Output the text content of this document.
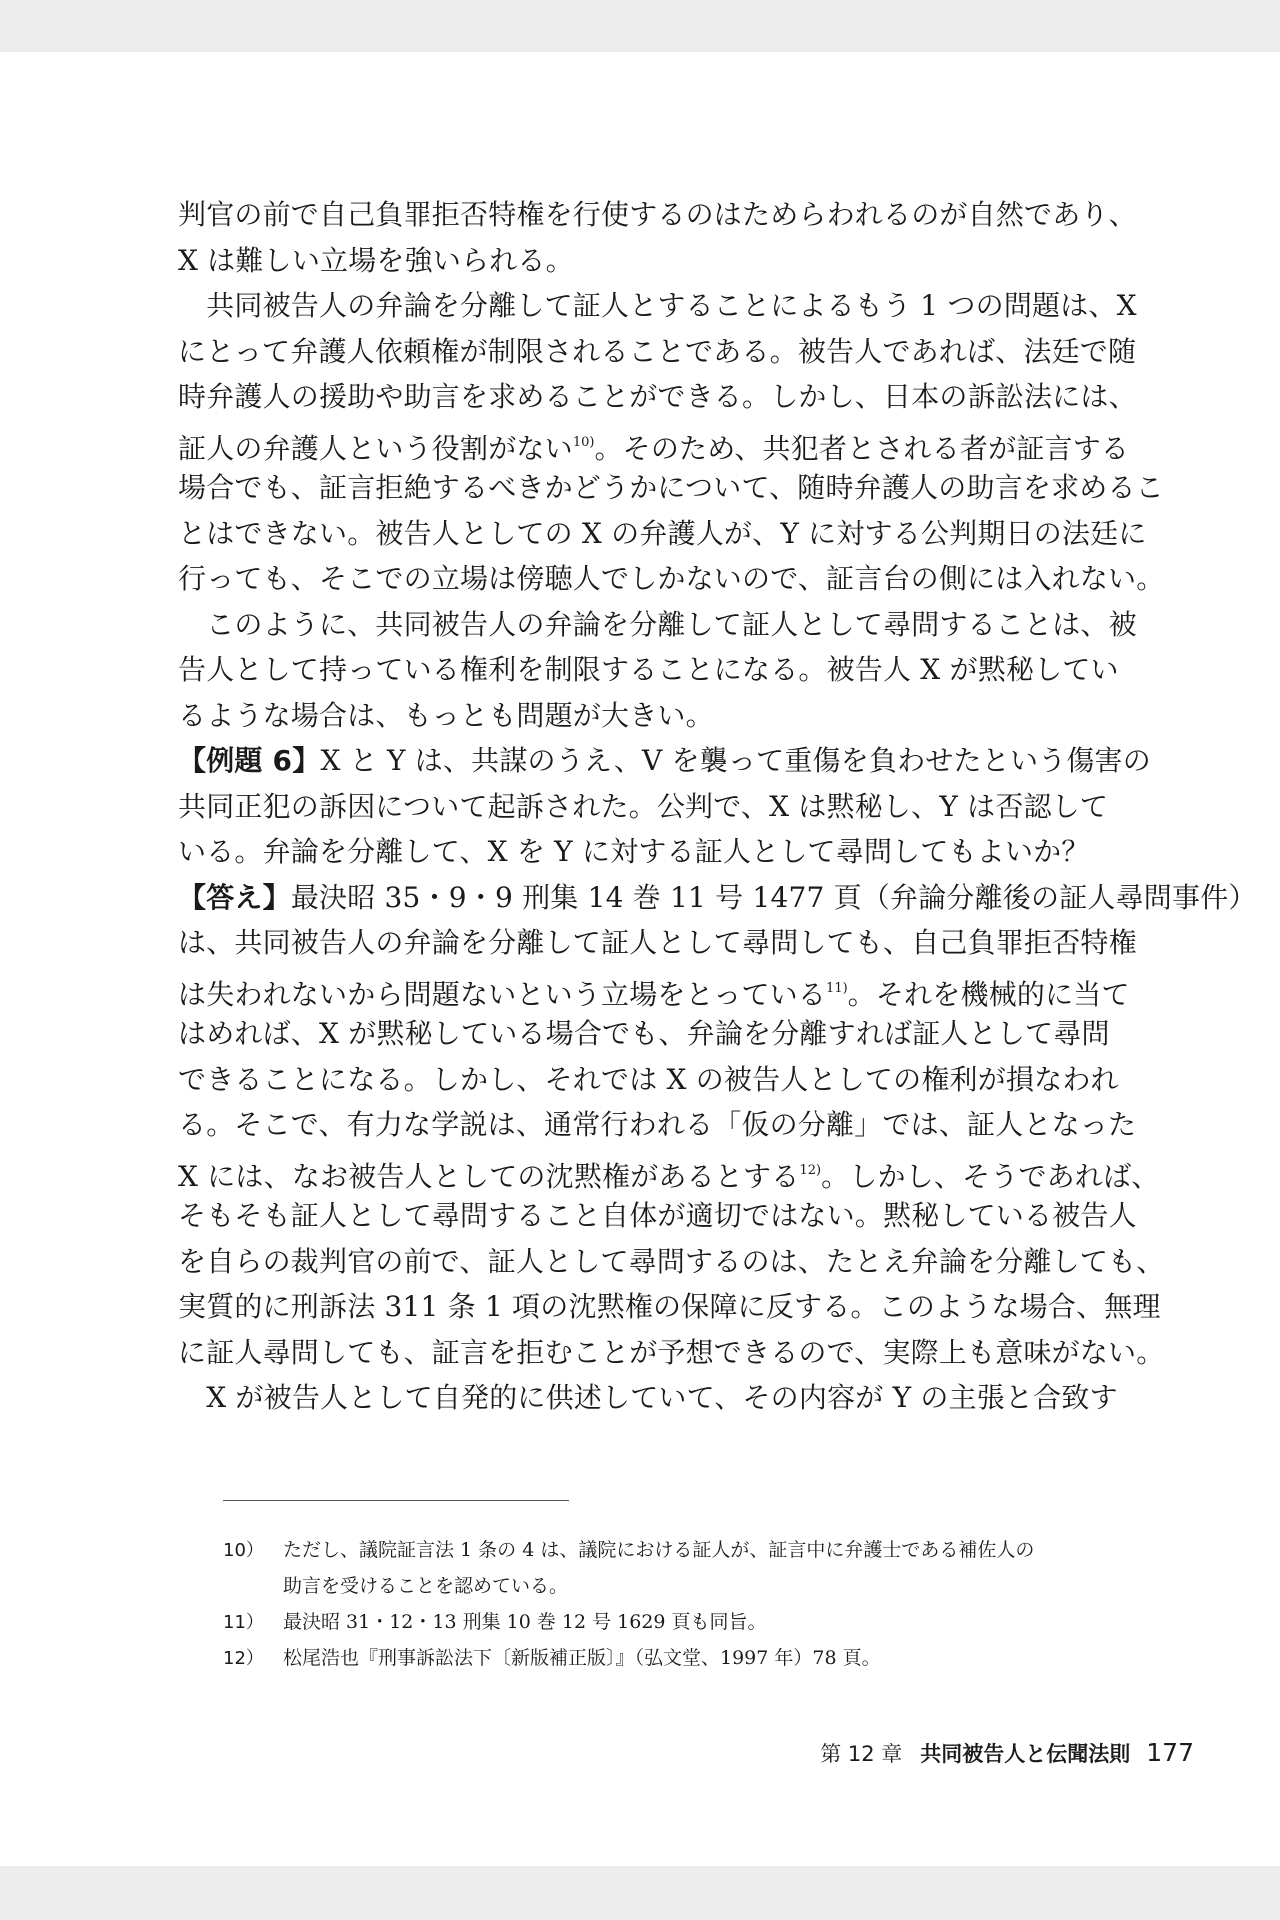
判官の前で自己負罪拒否特権を行使するのはためらわれるのが自然であり、
X は難しい立場を強いられる。
　共同被告人の弁論を分離して証人とすることによるもう 1 つの問題は、X
にとって弁護人依頼権が制限されることである。被告人であれば、法廷で随
時弁護人の援助や助言を求めることができる。しかし、日本の訴訟法には、
証人の弁護人という役割がない$^{10)}$。そのため、共犯者とされる者が証言する
場合でも、証言拒絶するべきかどうかについて、随時弁護人の助言を求めるこ
とはできない。被告人としての X の弁護人が、Y に対する公判期日の法廷に
行っても、そこでの立場は傍聴人でしかないので、証言台の側には入れない。
　このように、共同被告人の弁論を分離して証人として尋問することは、被
告人として持っている権利を制限することになる。被告人 X が黙秘してい
るような場合は、もっとも問題が大きい。
【例題 6】X と Y は、共謀のうえ、V を襲って重傷を負わせたという傷害の
共同正犯の訴因について起訴された。公判で、X は黙秘し、Y は否認して
いる。弁論を分離して、X を Y に対する証人として尋問してもよいか？
【答え】最決昭 35・9・9 刑集 14 巻 11 号 1477 頁（弁論分離後の証人尋問事件）
は、共同被告人の弁論を分離して証人として尋問しても、自己負罪拒否特権
は失われないから問題ないという立場をとっている$^{11)}$。それを機械的に当て
はめれば、X が黙秘している場合でも、弁論を分離すれば証人として尋問
できることになる。しかし、それでは X の被告人としての権利が損なわれ
る。そこで、有力な学説は、通常行われる「仮の分離」では、証人となった
X には、なお被告人としての沈黙権があるとする$^{12)}$。しかし、そうであれば、
そもそも証人として尋問すること自体が適切ではない。黙秘している被告人
を自らの裁判官の前で、証人として尋問するのは、たとえ弁論を分離しても、
実質的に刑訴法 311 条 1 項の沈黙権の保障に反する。このような場合、無理
に証人尋問しても、証言を拒むことが予想できるので、実際上も意味がない。
　X が被告人として自発的に供述していて、その内容が Y の主張と合致す
10） ただし、議院証言法 1 条の 4 は、議院における証人が、証言中に弁護士である補佐人の
助言を受けることを認めている。
11） 最決昭 31・12・13 刑集 10 巻 12 号 1629 頁も同旨。
12） 松尾浩也『刑事訴訟法下〔新版補正版〕』（弘文堂、1997 年）78 頁。
第 12 章 共同被告人と伝聞法則 177
